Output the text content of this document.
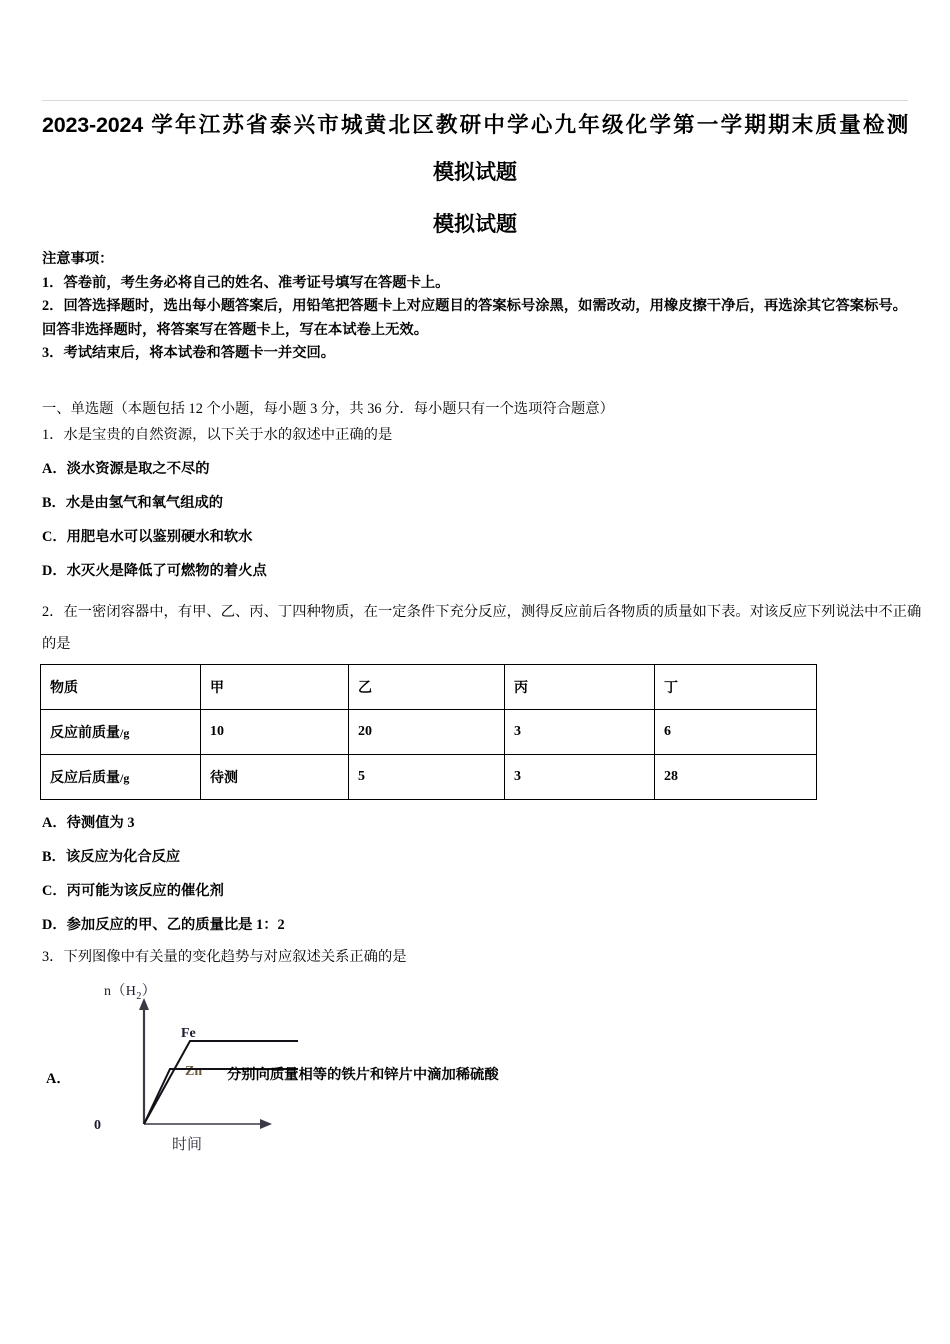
2023-2024 学年江苏省泰兴市城黄北区教研中学心九年级化学第一学期期末质量检测
模拟试题
模拟试题
注意事项：
1．答卷前，考生务必将自己的姓名、准考证号填写在答题卡上。
2．回答选择题时，选出每小题答案后，用铅笔把答题卡上对应题目的答案标号涂黑，如需改动，用橡皮擦干净后，再选涂其它答案标号。回答非选择题时，将答案写在答题卡上，写在本试卷上无效。
3．考试结束后，将本试卷和答题卡一并交回。
一、单选题（本题包括 12 个小题，每小题 3 分，共 36 分．每小题只有一个选项符合题意）
1．水是宝贵的自然资源，以下关于水的叙述中正确的是
A．淡水资源是取之不尽的
B．水是由氢气和氧气组成的
C．用肥皂水可以鉴别硬水和软水
D．水灭火是降低了可燃物的着火点
2．在一密闭容器中，有甲、乙、丙、丁四种物质，在一定条件下充分反应，测得反应前后各物质的质量如下表。对该反应下列说法中不正确的是
物质	甲	乙	丙	丁
反应前质量/g	10	20	3	6
反应后质量/g	待测	5	3	28
A．待测值为 3
B．该反应为化合反应
C．丙可能为该反应的催化剂
D．参加反应的甲、乙的质量比是 1：2
3．下列图像中有关量的变化趋势与对应叙述关系正确的是
A．
$n(H_2)$
0
时间
Fe
Zn 分别向质量相等的铁片和锌片中滴加稀硫酸
